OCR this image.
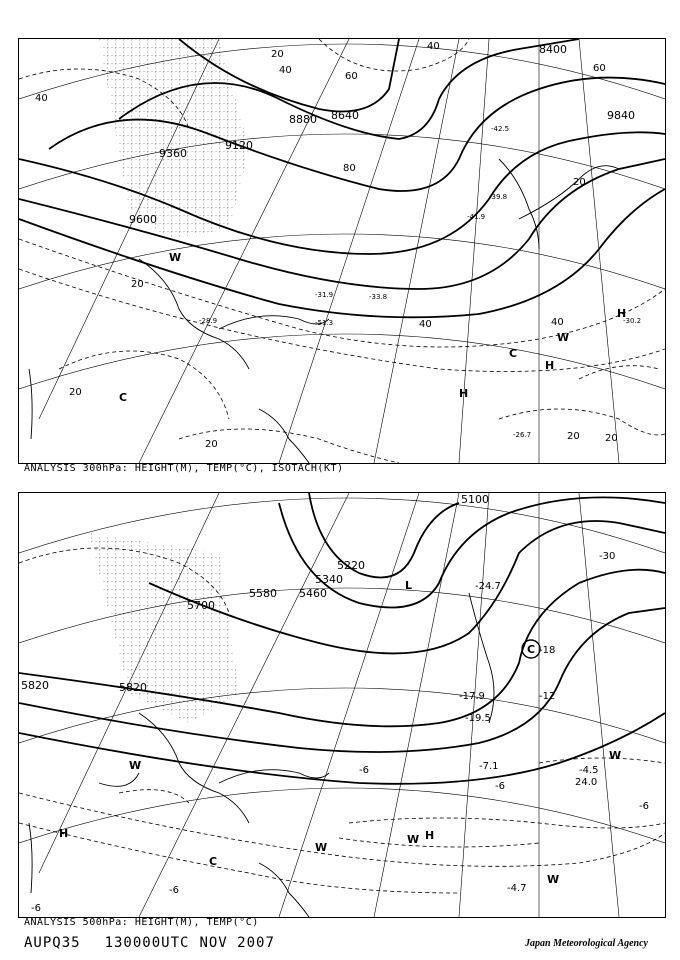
8400
8880 8640
9120
9360
9600
9840
20
40
60
80
40
20
40
20
20
20
40
20
20
40
60
-42.5
-41.9
-39.8
-31.9	-33.8
-28.9
-26.7
-30.2
-51.3
H
W
C	H
H
C
W
ANALYSIS 300hPa: HEIGHT(M), TEMP(°C), ISOTACH(KT)
5100
5340
5220
5580 5460
5700
5820
5820
-30
-24.7
-18
-12
-6
-17.9
-19.5
-7.1	-4.5
-4.7
24.0
-6
-6
-6
-6
L
C
W
W
H
C
W
H
W
W
ANALYSIS 500hPa: HEIGHT(M), TEMP(°C)
AUPQ35 130000UTC NOV 2007	Japan Meteorological Agency
